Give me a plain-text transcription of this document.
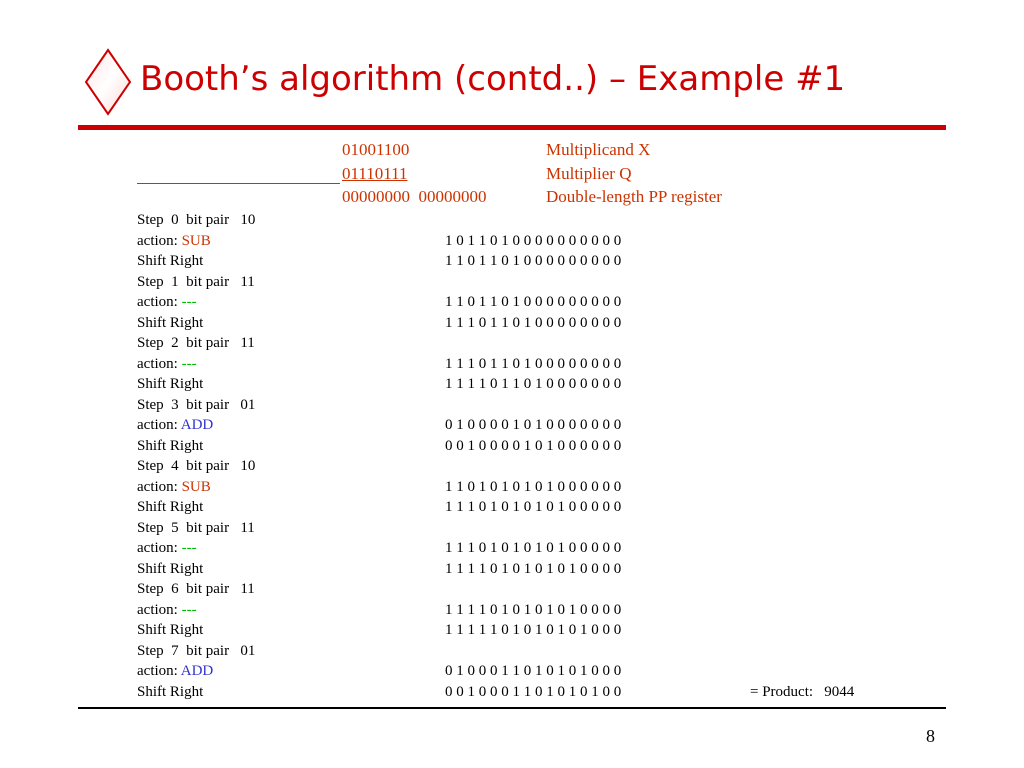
Booth’s algorithm (contd..) – Example #1
01001100	Multiplicand X
01110111	Multiplier Q
00000000  00000000	Double-length PP register
Step  0  bit pair   10
action: SUB	1 0 1 1 0 1 0 0 0 0 0 0 0 0 0 0
Shift Right	1 1 0 1 1 0 1 0 0 0 0 0 0 0 0 0
Step  1  bit pair   11
action: ---	1 1 0 1 1 0 1 0 0 0 0 0 0 0 0 0
Shift Right	1 1 1 0 1 1 0 1 0 0 0 0 0 0 0 0
Step  2  bit pair   11
action: ---	1 1 1 0 1 1 0 1 0 0 0 0 0 0 0 0
Shift Right	1 1 1 1 0 1 1 0 1 0 0 0 0 0 0 0
Step  3  bit pair   01
action: ADD	0 1 0 0 0 0 1 0 1 0 0 0 0 0 0 0
Shift Right	0 0 1 0 0 0 0 1 0 1 0 0 0 0 0 0
Step  4  bit pair   10
action: SUB	1 1 0 1 0 1 0 1 0 1 0 0 0 0 0 0
Shift Right	1 1 1 0 1 0 1 0 1 0 1 0 0 0 0 0
Step  5  bit pair   11
action: ---	1 1 1 0 1 0 1 0 1 0 1 0 0 0 0 0
Shift Right	1 1 1 1 0 1 0 1 0 1 0 1 0 0 0 0
Step  6  bit pair   11
action: ---	1 1 1 1 0 1 0 1 0 1 0 1 0 0 0 0
Shift Right	1 1 1 1 1 0 1 0 1 0 1 0 1 0 0 0
Step  7  bit pair   01
action: ADD	0 1 0 0 0 1 1 0 1 0 1 0 1 0 0 0
Shift Right	0 0 1 0 0 0 1 1 0 1 0 1 0 1 0 0	= Product:   9044
8
